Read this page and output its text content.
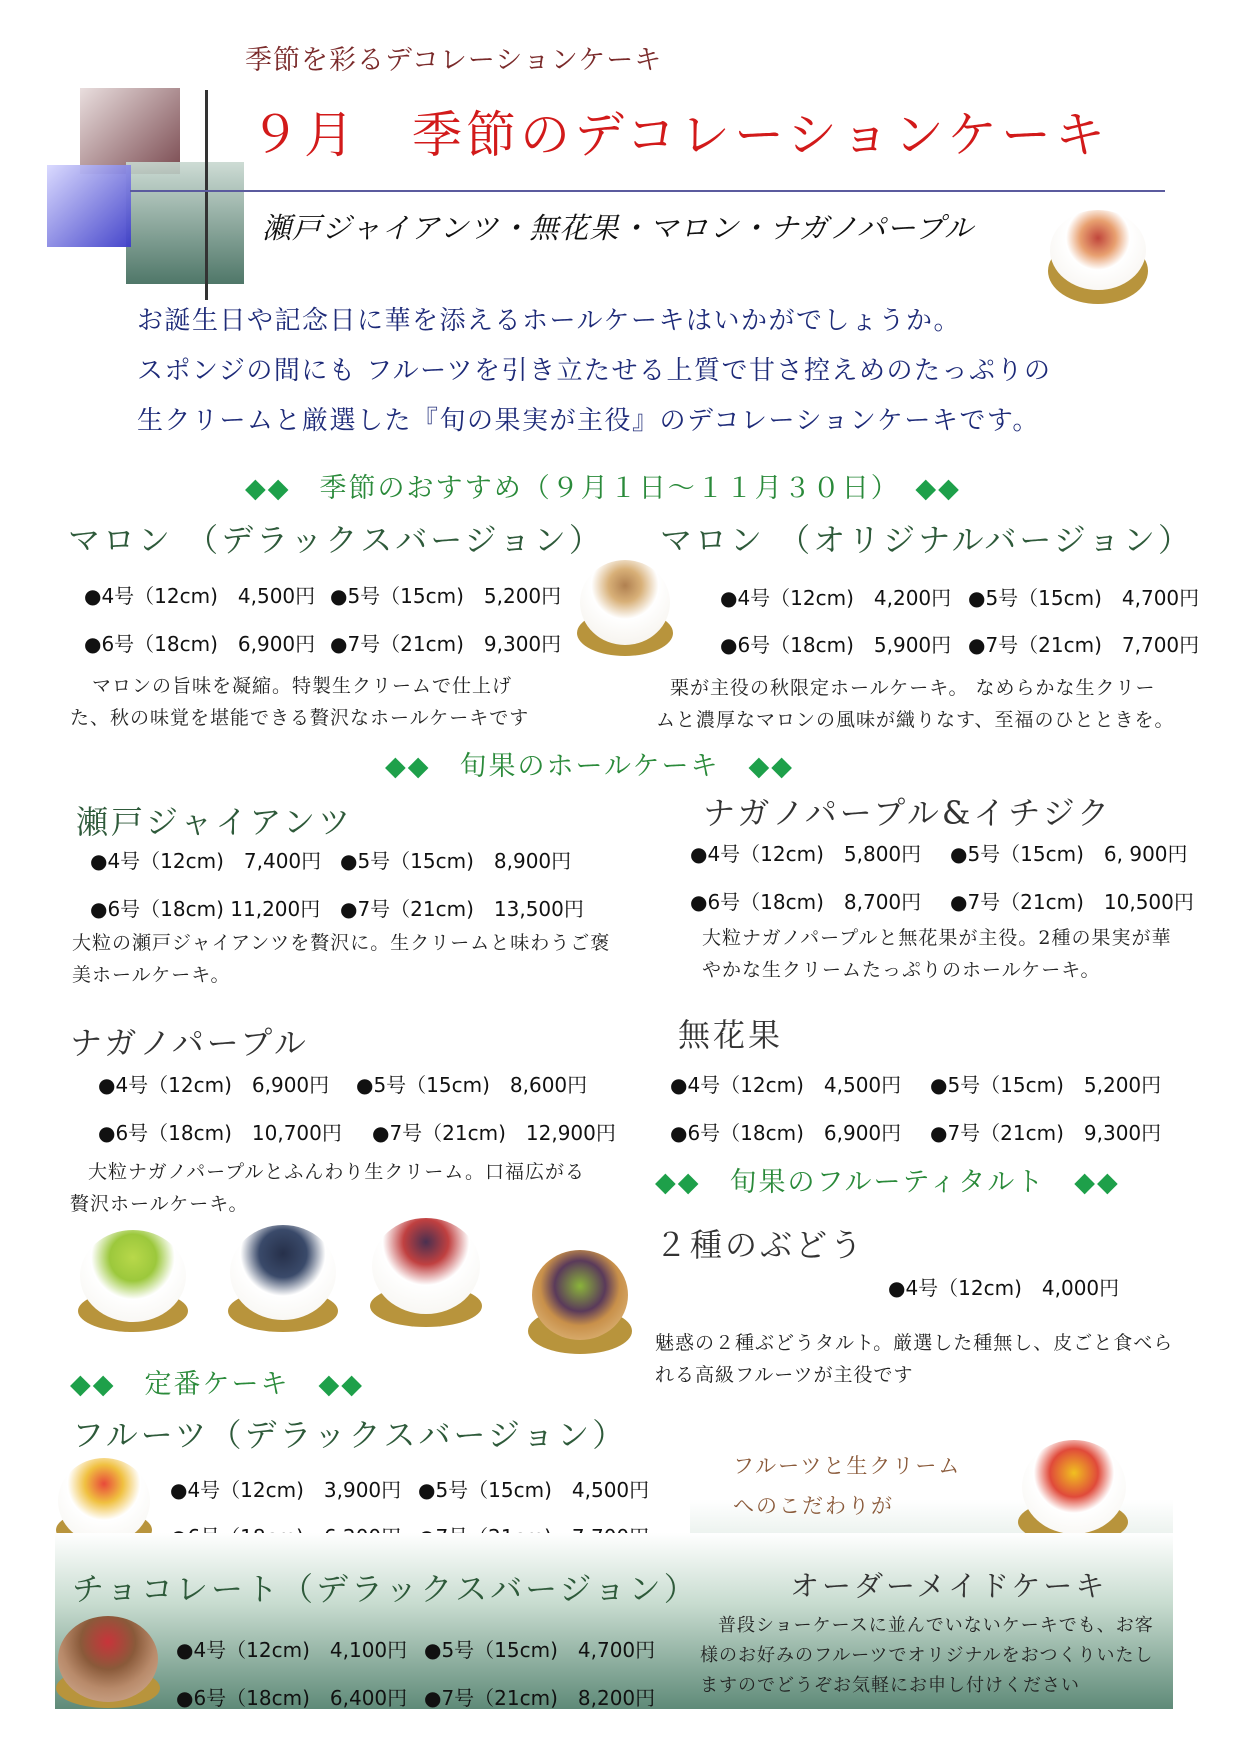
季節を彩るデコレーションケーキ
９月　季節のデコレーションケーキ
瀬戸ジャイアンツ・無花果・マロン・ナガノパープル
お誕生日や記念日に華を添えるホールケーキはいかがでしょうか。
スポンジの間にも フルーツを引き立たせる上質で甘さ控えめのたっぷりの
生クリームと厳選した『旬の果実が主役』のデコレーションケーキです。
◆◆　 季節のおすすめ（９月１日～１１月３０日）　 ◆◆
マロン （デラックスバージョン）
●4号（12cm)　4,500円 ●5号（15cm)　5,200円
●6号（18cm)　6,900円 ●7号（21cm)　9,300円
マロンの旨味を凝縮。特製生クリームで仕上げ
た、秋の味覚を堪能できる贅沢なホールケーキです
マロン （オリジナルバージョン）
●4号（12cm)　4,200円 ●5号（15cm)　4,700円
●6号（18cm)　5,900円 ●7号（21cm)　7,700円
栗が主役の秋限定ホールケーキ。 なめらかな生クリー
ムと濃厚なマロンの風味が織りなす、至福のひとときを。
◆◆　 旬果のホールケーキ　 ◆◆
瀬戸ジャイアンツ
●4号（12cm)　7,400円 ●5号（15cm)　8,900円
●6号（18cm) 11,200円 ●7号（21cm)　13,500円
大粒の瀬戸ジャイアンツを贅沢に。生クリームと味わうご褒
美ホールケーキ。
ナガノパープル&イチジク
●4号（12cm)　5,800円 ●5号（15cm)　6, 900円
●6号（18cm)　8,700円 ●7号（21cm)　10,500円
大粒ナガノパープルと無花果が主役。2種の果実が華
やかな生クリームたっぷりのホールケーキ。
ナガノパープル
●4号（12cm)　6,900円 ●5号（15cm)　8,600円
●6号（18cm)　10,700円 ●7号（21cm)　12,900円
大粒ナガノパープルとふんわり生クリーム。口福広がる
贅沢ホールケーキ。
無花果
●4号（12cm)　4,500円 ●5号（15cm)　5,200円
●6号（18cm)　6,900円 ●7号（21cm)　9,300円
◆◆　 旬果のフルーティタルト　 ◆◆
２種のぶどう
●4号（12cm)　4,000円
魅惑の２種ぶどうタルト。厳選した種無し、皮ごと食べら
れる高級フルーツが主役です
◆◆　 定番ケーキ　 ◆◆
フルーツ（デラックスバージョン）
●4号（12cm)　3,900円 ●5号（15cm)　4,500円
フルーツと生クリーム
へのこだわりが
チョコレート（デラックスバージョン）
●4号（12cm)　4,100円 ●5号（15cm)　4,700円
●6号（18cm)　6,400円 ●7号（21cm)　8,200円
オーダーメイドケーキ
普段ショーケースに並んでいないケーキでも、お客
様のお好みのフルーツでオリジナルをおつくりいたし
ますのでどうぞお気軽にお申し付けください
